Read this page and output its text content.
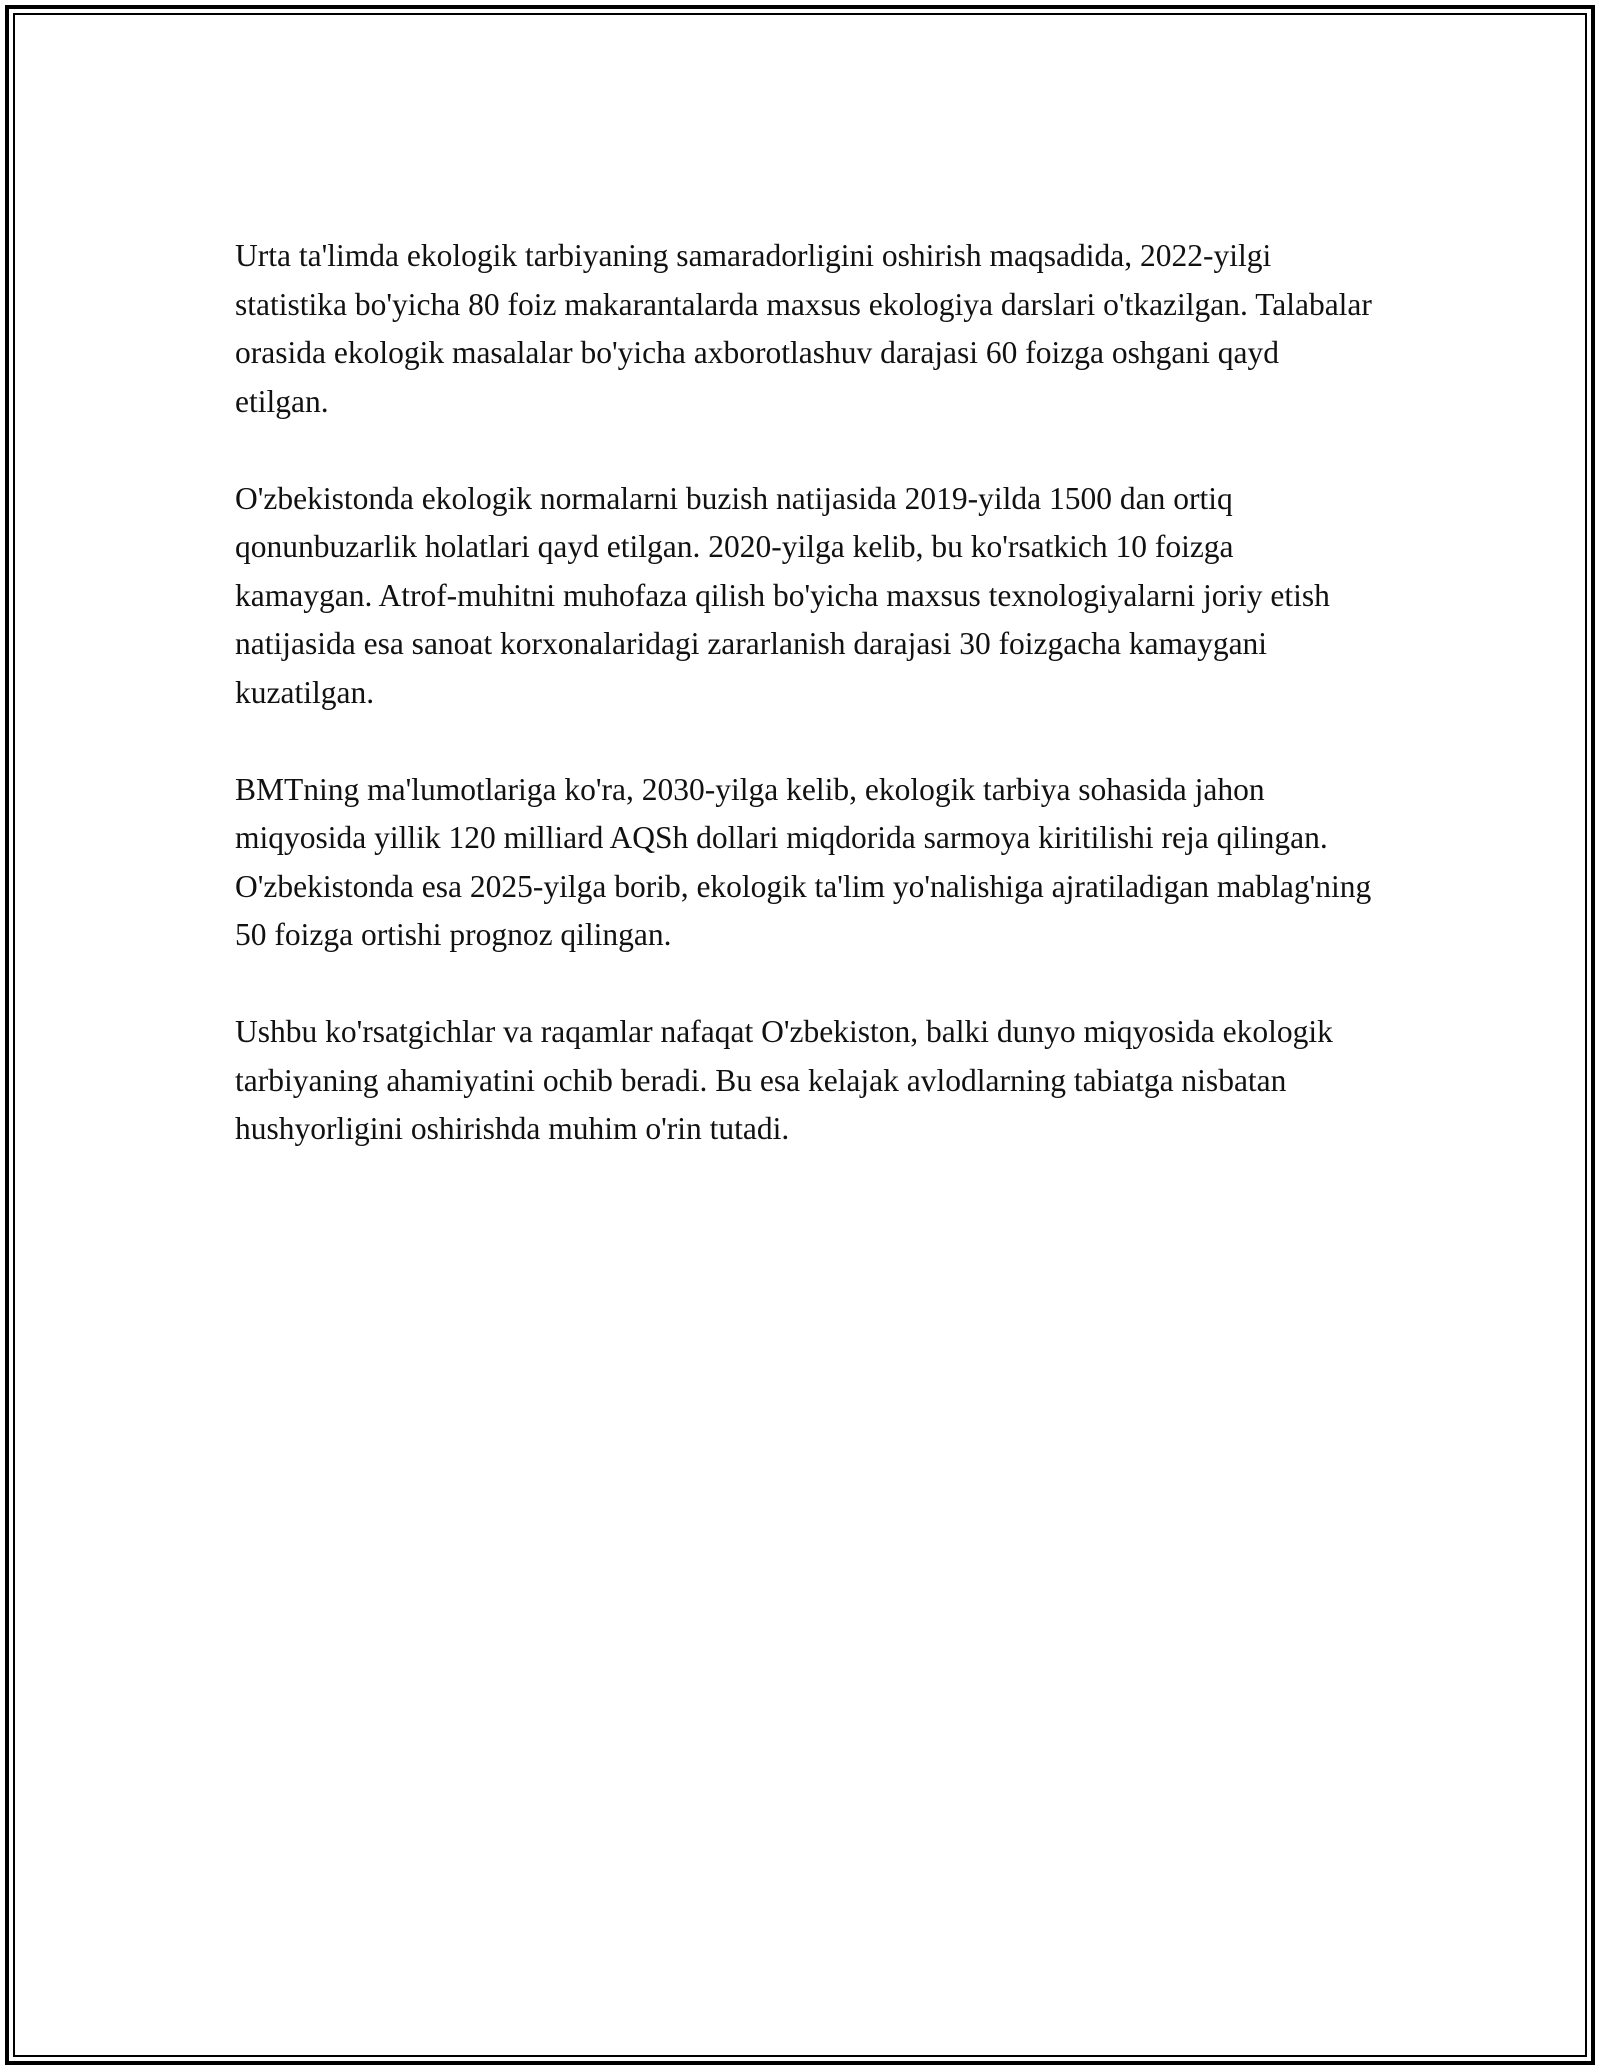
Urta ta'limda ekologik tarbiyaning samaradorligini oshirish maqsadida, 2022-yilgi statistika bo'yicha 80 foiz makarantalarda maxsus ekologiya darslari o'tkazilgan. Talabalar orasida ekologik masalalar bo'yicha axborotlashuv darajasi 60 foizga oshgani qayd etilgan.

O'zbekistonda ekologik normalarni buzish natijasida 2019-yilda 1500 dan ortiq qonunbuzarlik holatlari qayd etilgan. 2020-yilga kelib, bu ko'rsatkich 10 foizga kamaygan. Atrof-muhitni muhofaza qilish bo'yicha maxsus texnologiyalarni joriy etish natijasida esa sanoat korxonalaridagi zararlanish darajasi 30 foizgacha kamaygani kuzatilgan.

BMTning ma'lumotlariga ko'ra, 2030-yilga kelib, ekologik tarbiya sohasida jahon miqyosida yillik 120 milliard AQSh dollari miqdorida sarmoya kiritilishi reja qilingan. O'zbekistonda esa 2025-yilga borib, ekologik ta'lim yo'nalishiga ajratiladigan mablag'ning 50 foizga ortishi prognoz qilingan.

Ushbu ko'rsatgichlar va raqamlar nafaqat O'zbekiston, balki dunyo miqyosida ekologik tarbiyaning ahamiyatini ochib beradi. Bu esa kelajak avlodlarning tabiatga nisbatan hushyorligini oshirishda muhim o'rin tutadi.
